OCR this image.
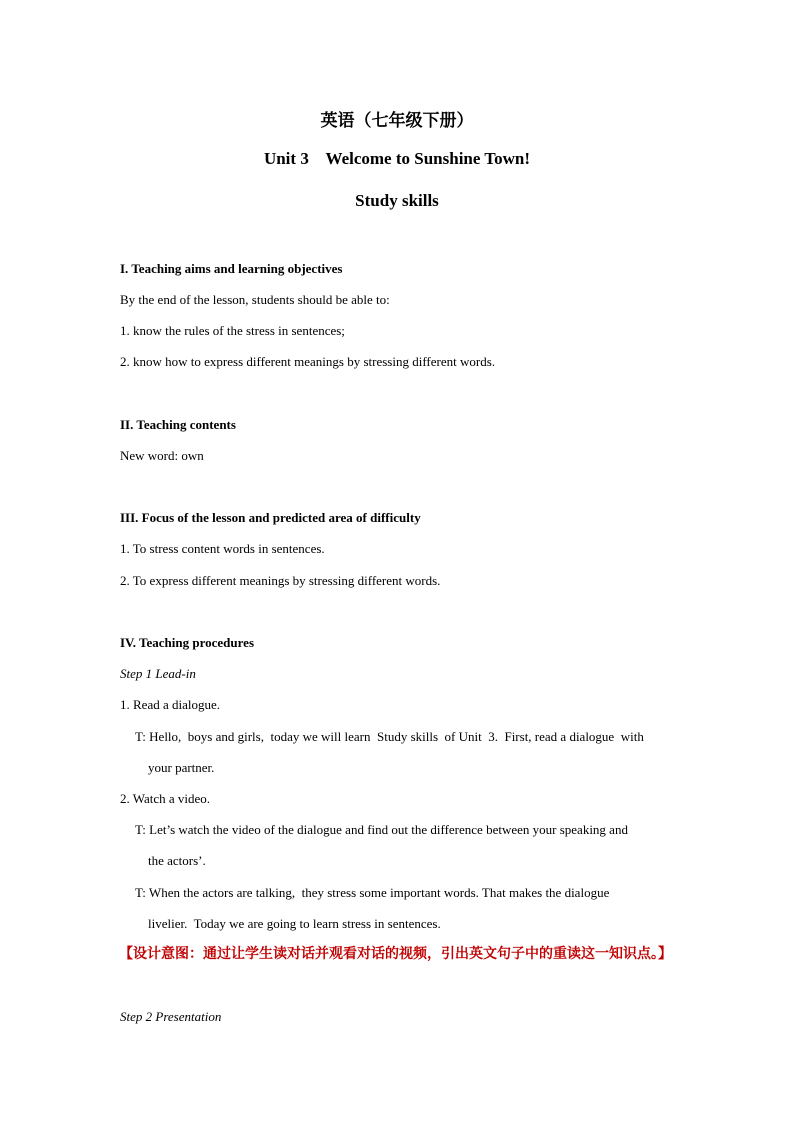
英语（七年级下册）
Unit 3    Welcome to Sunshine Town!
Study skills
I. Teaching aims and learning objectives
By the end of the lesson, students should be able to:
1. know the rules of the stress in sentences;
2. know how to express different meanings by stressing different words.
II. Teaching contents
New word: own
III. Focus of the lesson and predicted area of difficulty
1. To stress content words in sentences.
2. To express different meanings by stressing different words.
IV. Teaching procedures
Step 1 Lead-in
1. Read a dialogue.
T: Hello,  boys and girls,  today we will learn  Study skills  of Unit  3.  First, read a dialogue  with
your partner.
2. Watch a video.
T: Let’s watch the video of the dialogue and find out the difference between your speaking and
the actors’.
T: When the actors are talking,  they stress some important words. That makes the dialogue
livelier.  Today we are going to learn stress in sentences.
【设计意图：通过让学生读对话并观看对话的视频，引出英文句子中的重读这一知识点。】
Step 2 Presentation
